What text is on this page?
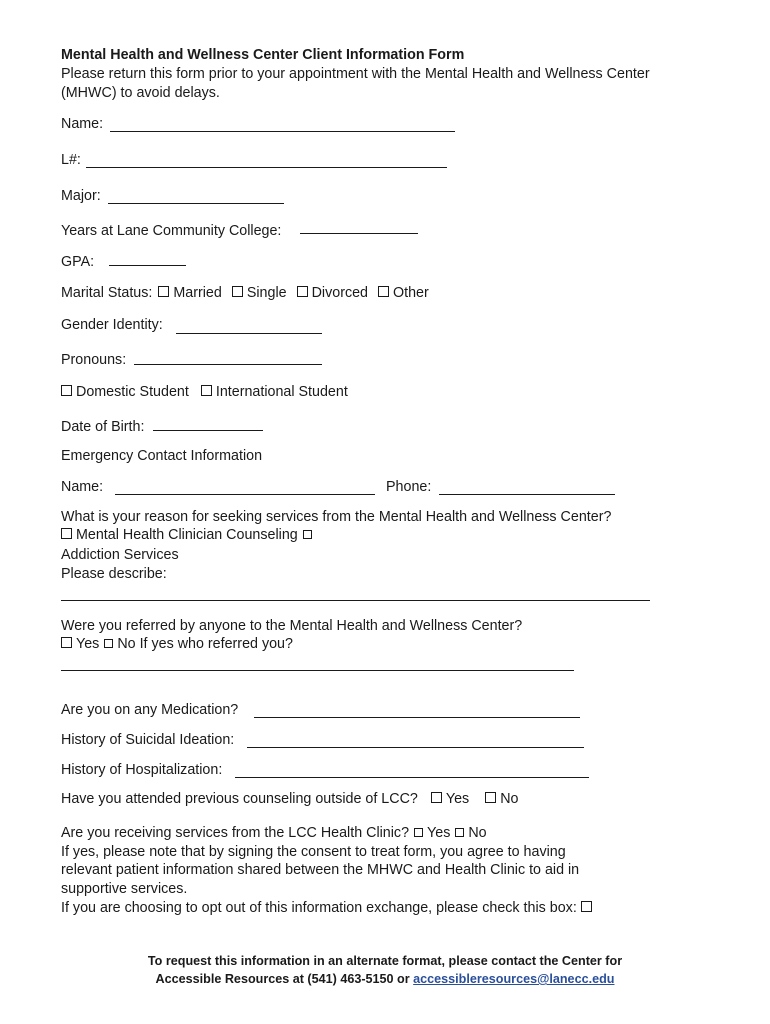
Mental Health and Wellness Center Client Information Form
Please return this form prior to your appointment with the Mental Health and Wellness Center
(MHWC) to avoid delays.
Name:
L#:
Major:
Years at Lane Community College:
GPA:
Marital Status:	Married	Single	Divorced	Other
Gender Identity:
Pronouns:
Domestic Student	International Student
Date of Birth:
Emergency Contact Information
Name:	Phone:
What is your reason for seeking services from the Mental Health and Wellness Center?
Mental Health Clinician Counseling
Addiction Services
Please describe:
Were you referred by anyone to the Mental Health and Wellness Center?
Yes No If yes who referred you?
Are you on any Medication?
History of Suicidal Ideation:
History of Hospitalization:
Have you attended previous counseling outside of LCC?	Yes	No
Are you receiving services from the LCC Health Clinic? Yes No
If yes, please note that by signing the consent to treat form, you agree to having
relevant patient information shared between the MHWC and Health Clinic to aid in
supportive services.
If you are choosing to opt out of this information exchange, please check this box:
To request this information in an alternate format, please contact the Center for
Accessible Resources at (541) 463-5150 or accessibleresources@lanecc.edu
